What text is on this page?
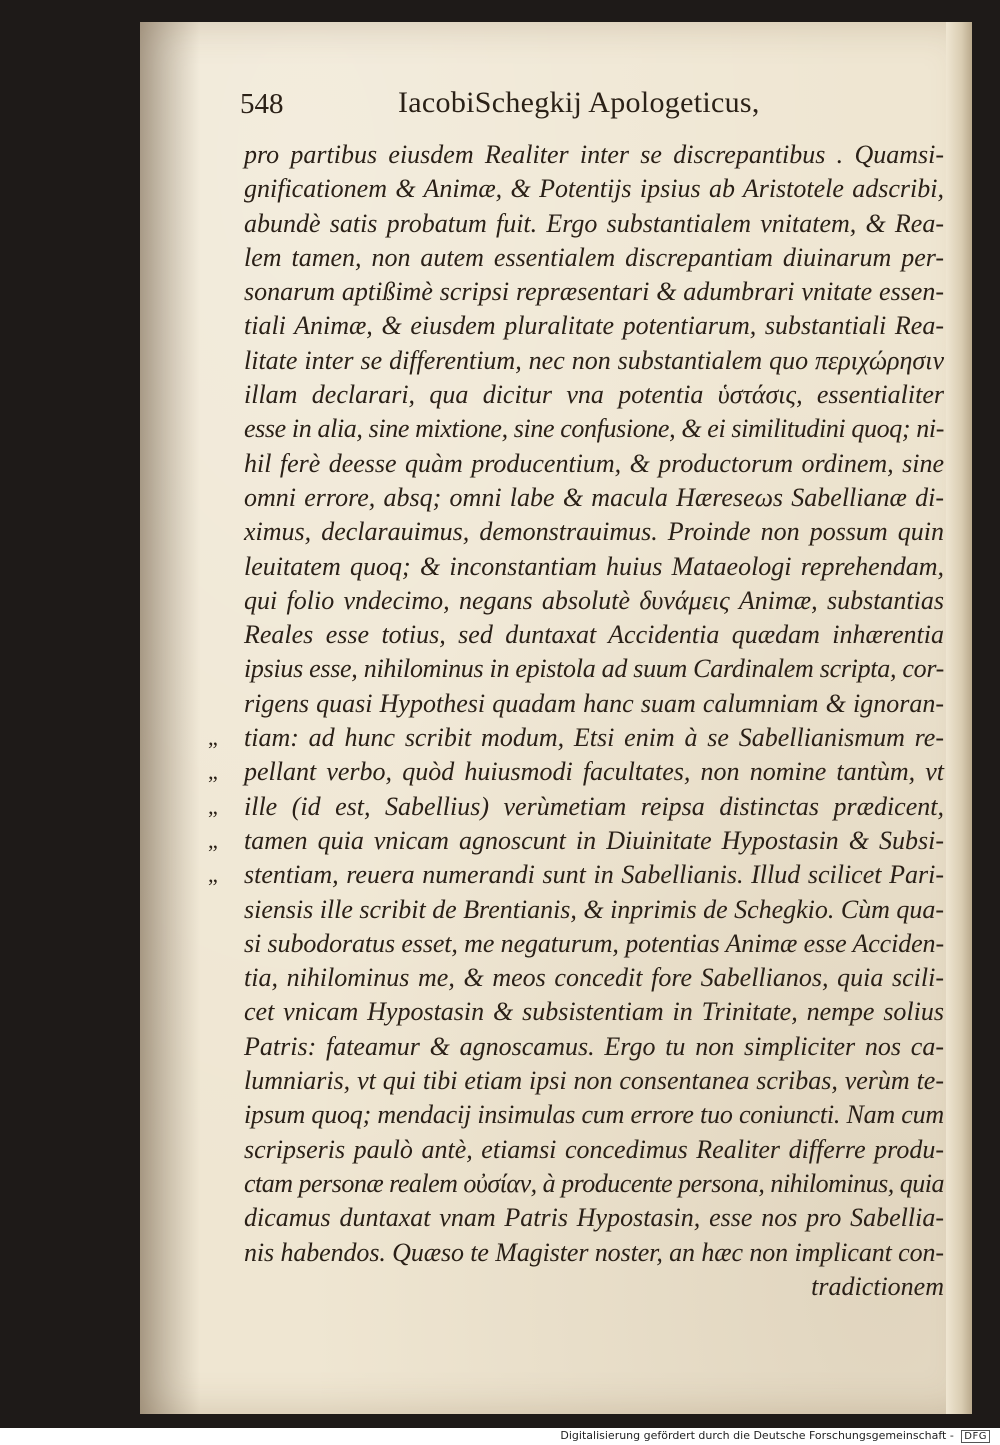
548	IacobiSchegkij Apologeticus,
pro partibus eiusdem Realiter inter se discrepantibus . Quamsi-
gnificationem & Animæ, & Potentijs ipsius ab Aristotele adscribi,
abundè satis probatum fuit. Ergo substantialem vnitatem, & Rea-
lem tamen, non autem essentialem discrepantiam diuinarum per-
sonarum aptißimè scripsi repræsentari & adumbrari vnitate essen-
tiali Animæ, & eiusdem pluralitate potentiarum, substantiali Rea-
litate inter se differentium, nec non substantialem quo περιχώρησιν
illam declarari, qua dicitur vna potentia ὑστάσις, essentialiter
esse in alia, sine mixtione, sine confusione, & ei similitudini quoq; ni-
hil ferè deesse quàm producentium, & productorum ordinem, sine
omni errore, absq; omni labe & macula Hæreseωs Sabellianæ di-
ximus, declarauimus, demonstrauimus. Proinde non possum quin
leuitatem quoq; & inconstantiam huius Mataeologi reprehendam,
qui folio vndecimo, negans absolutè δυνάμεις Animæ, substantias
Reales esse totius, sed duntaxat Accidentia quædam inhærentia
ipsius esse, nihilominus in epistola ad suum Cardinalem scripta, cor-
rigens quasi Hypothesi quadam hanc suam calumniam & ignoran-
„ tiam: ad hunc scribit modum, Etsi enim à se Sabellianismum re-
„ pellant verbo, quòd huiusmodi facultates, non nomine tantùm, vt
„ ille (id est, Sabellius) verùmetiam reipsa distinctas prædicent,
„ tamen quia vnicam agnoscunt in Diuinitate Hypostasin & Subsi-
„ stentiam, reuera numerandi sunt in Sabellianis. Illud scilicet Pari-
siensis ille scribit de Brentianis, & inprimis de Schegkio. Cùm qua-
si subodoratus esset, me negaturum, potentias Animæ esse Acciden-
tia, nihilominus me, & meos concedit fore Sabellianos, quia scili-
cet vnicam Hypostasin & subsistentiam in Trinitate, nempe solius
Patris: fateamur & agnoscamus. Ergo tu non simpliciter nos ca-
lumniaris, vt qui tibi etiam ipsi non consentanea scribas, verùm te-
ipsum quoq; mendacij insimulas cum errore tuo coniuncti. Nam cum
scripseris paulò antè, etiamsi concedimus Realiter differre produ-
ctam personæ realem οὐσίαν, à producente persona, nihilominus, quia
dicamus duntaxat vnam Patris Hypostasin, esse nos pro Sabellia-
nis habendos. Quæso te Magister noster, an hæc non implicant con-
tradictionem
Digitalisierung gefördert durch die Deutsche Forschungsgemeinschaft - DFG
